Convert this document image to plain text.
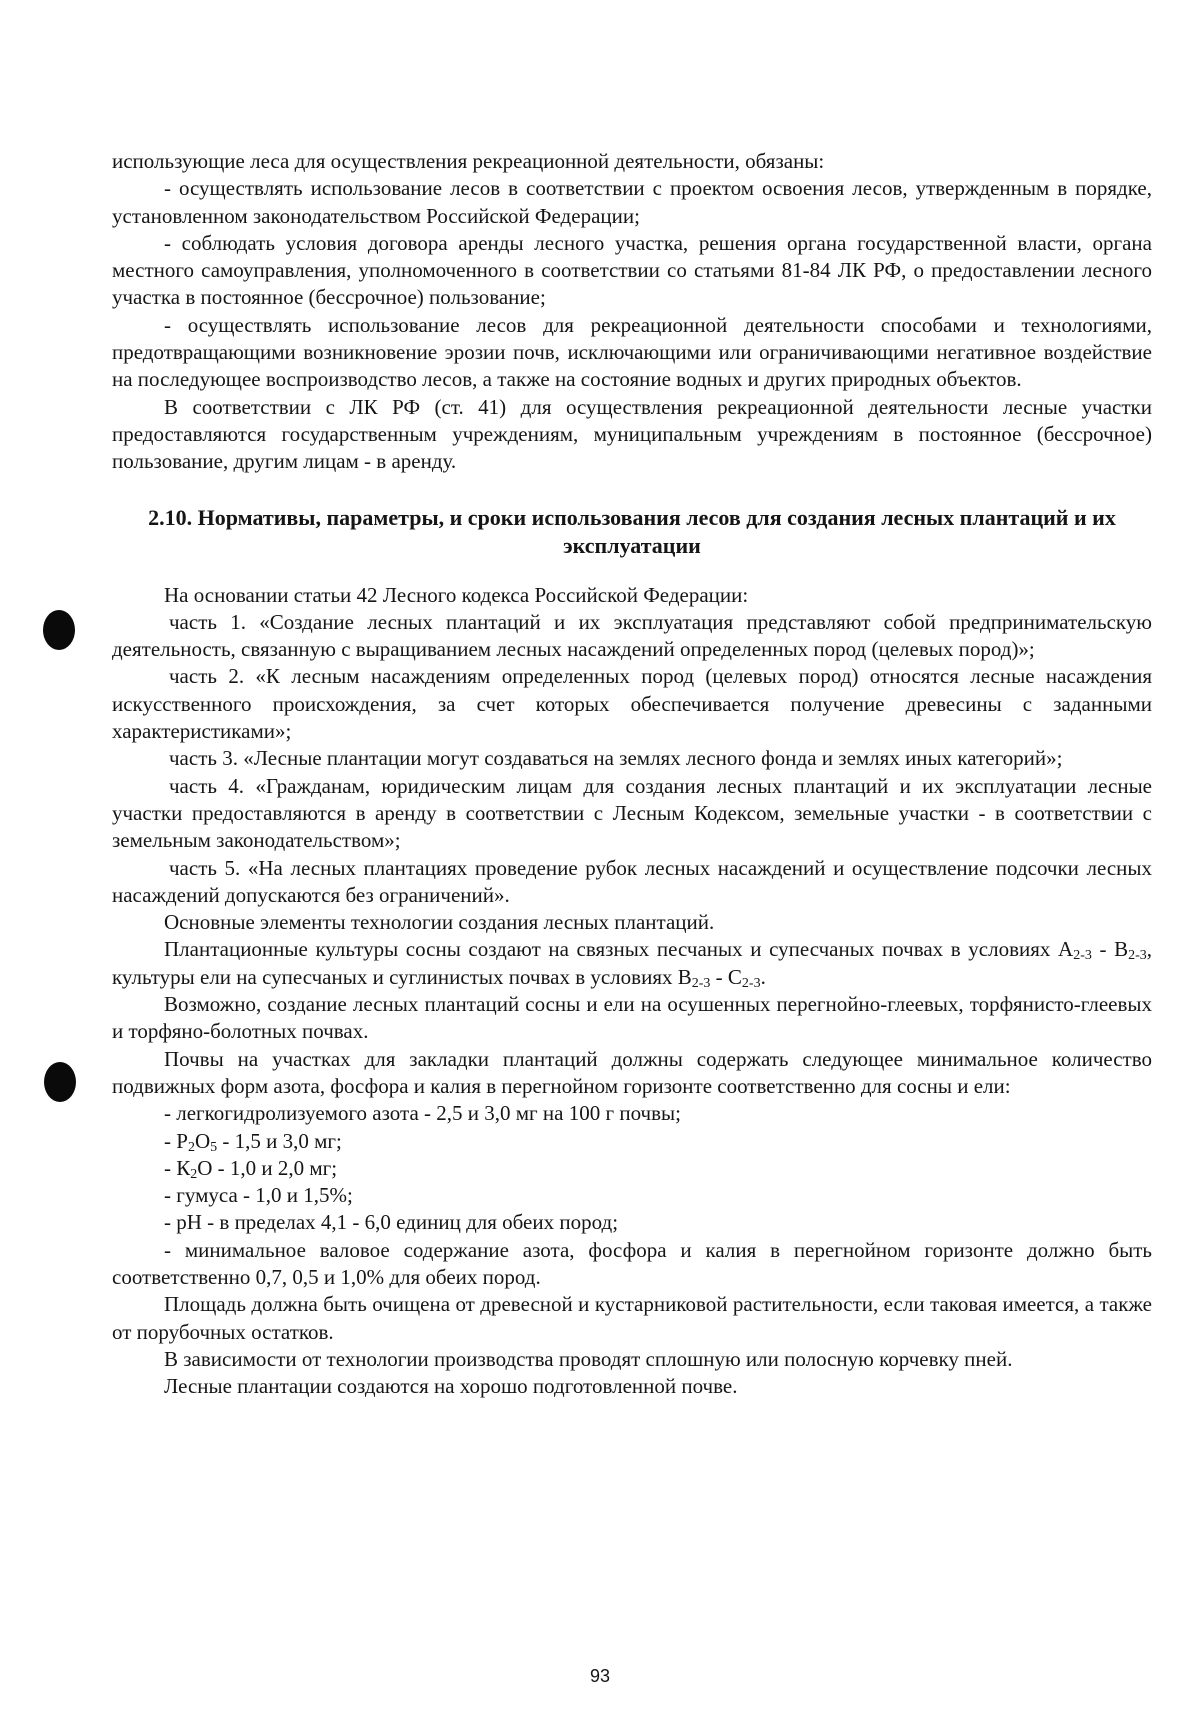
использующие леса для осуществления рекреационной деятельности, обязаны:

- осуществлять использование лесов в соответствии с проектом освоения лесов, утвержденным в порядке, установленном законодательством Российской Федерации;

- соблюдать условия договора аренды лесного участка, решения органа государственной власти, органа местного самоуправления, уполномоченного в соответствии со статьями 81-84 ЛК РФ, о предоставлении лесного участка в постоянное (бессрочное) пользование;

- осуществлять использование лесов для рекреационной деятельности способами и технологиями, предотвращающими возникновение эрозии почв, исключающими или ограничивающими негативное воздействие на последующее воспроизводство лесов, а также на состояние водных и других природных объектов.

В соответствии с ЛК РФ (ст. 41) для осуществления рекреационной деятельности лесные участки предоставляются государственным учреждениям, муниципальным учреждениям в постоянное (бессрочное) пользование, другим лицам - в аренду.

2.10. Нормативы, параметры, и сроки использования лесов для создания лесных плантаций и их эксплуатации

На основании статьи 42 Лесного кодекса Российской Федерации:

часть 1. «Создание лесных плантаций и их эксплуатация представляют собой предпринимательскую деятельность, связанную с выращиванием лесных насаждений определенных пород (целевых пород)»;

часть 2. «К лесным насаждениям определенных пород (целевых пород) относятся лесные насаждения искусственного происхождения, за счет которых обеспечивается получение древесины с заданными характеристиками»;

часть 3. «Лесные плантации могут создаваться на землях лесного фонда и землях иных категорий»;

часть 4. «Гражданам, юридическим лицам для создания лесных плантаций и их эксплуатации лесные участки предоставляются в аренду в соответствии с Лесным Кодексом, земельные участки - в соответствии с земельным законодательством»;

часть 5. «На лесных плантациях проведение рубок лесных насаждений и осуществление подсочки лесных насаждений допускаются без ограничений».

Основные элементы технологии создания лесных плантаций.

Плантационные культуры сосны создают на связных песчаных и супесчаных почвах в условиях $А_{2-3} - В_{2-3}$, культуры ели на супесчаных и суглинистых почвах в условиях $В_{2-3} - С_{2-3}$.

Возможно, создание лесных плантаций сосны и ели на осушенных перегнойно-глеевых, торфянисто-глеевых и торфяно-болотных почвах.

Почвы на участках для закладки плантаций должны содержать следующее минимальное количество подвижных форм азота, фосфора и калия в перегнойном горизонте соответственно для сосны и ели:

- легкогидролизуемого азота - 2,5 и 3,0 мг на 100 г почвы;

- $Р_2О_5 - 1,5$ и 3,0 мг;

- $К_2О - 1,0$ и 2,0 мг;

- гумуса - 1,0 и 1,5%;

- рН - в пределах 4,1 - 6,0 единиц для обеих пород;

- минимальное валовое содержание азота, фосфора и калия в перегнойном горизонте должно быть соответственно 0,7, 0,5 и 1,0% для обеих пород.

Площадь должна быть очищена от древесной и кустарниковой растительности, если таковая имеется, а также от порубочных остатков.

В зависимости от технологии производства проводят сплошную или полосную корчевку пней.

Лесные плантации создаются на хорошо подготовленной почве.

93
